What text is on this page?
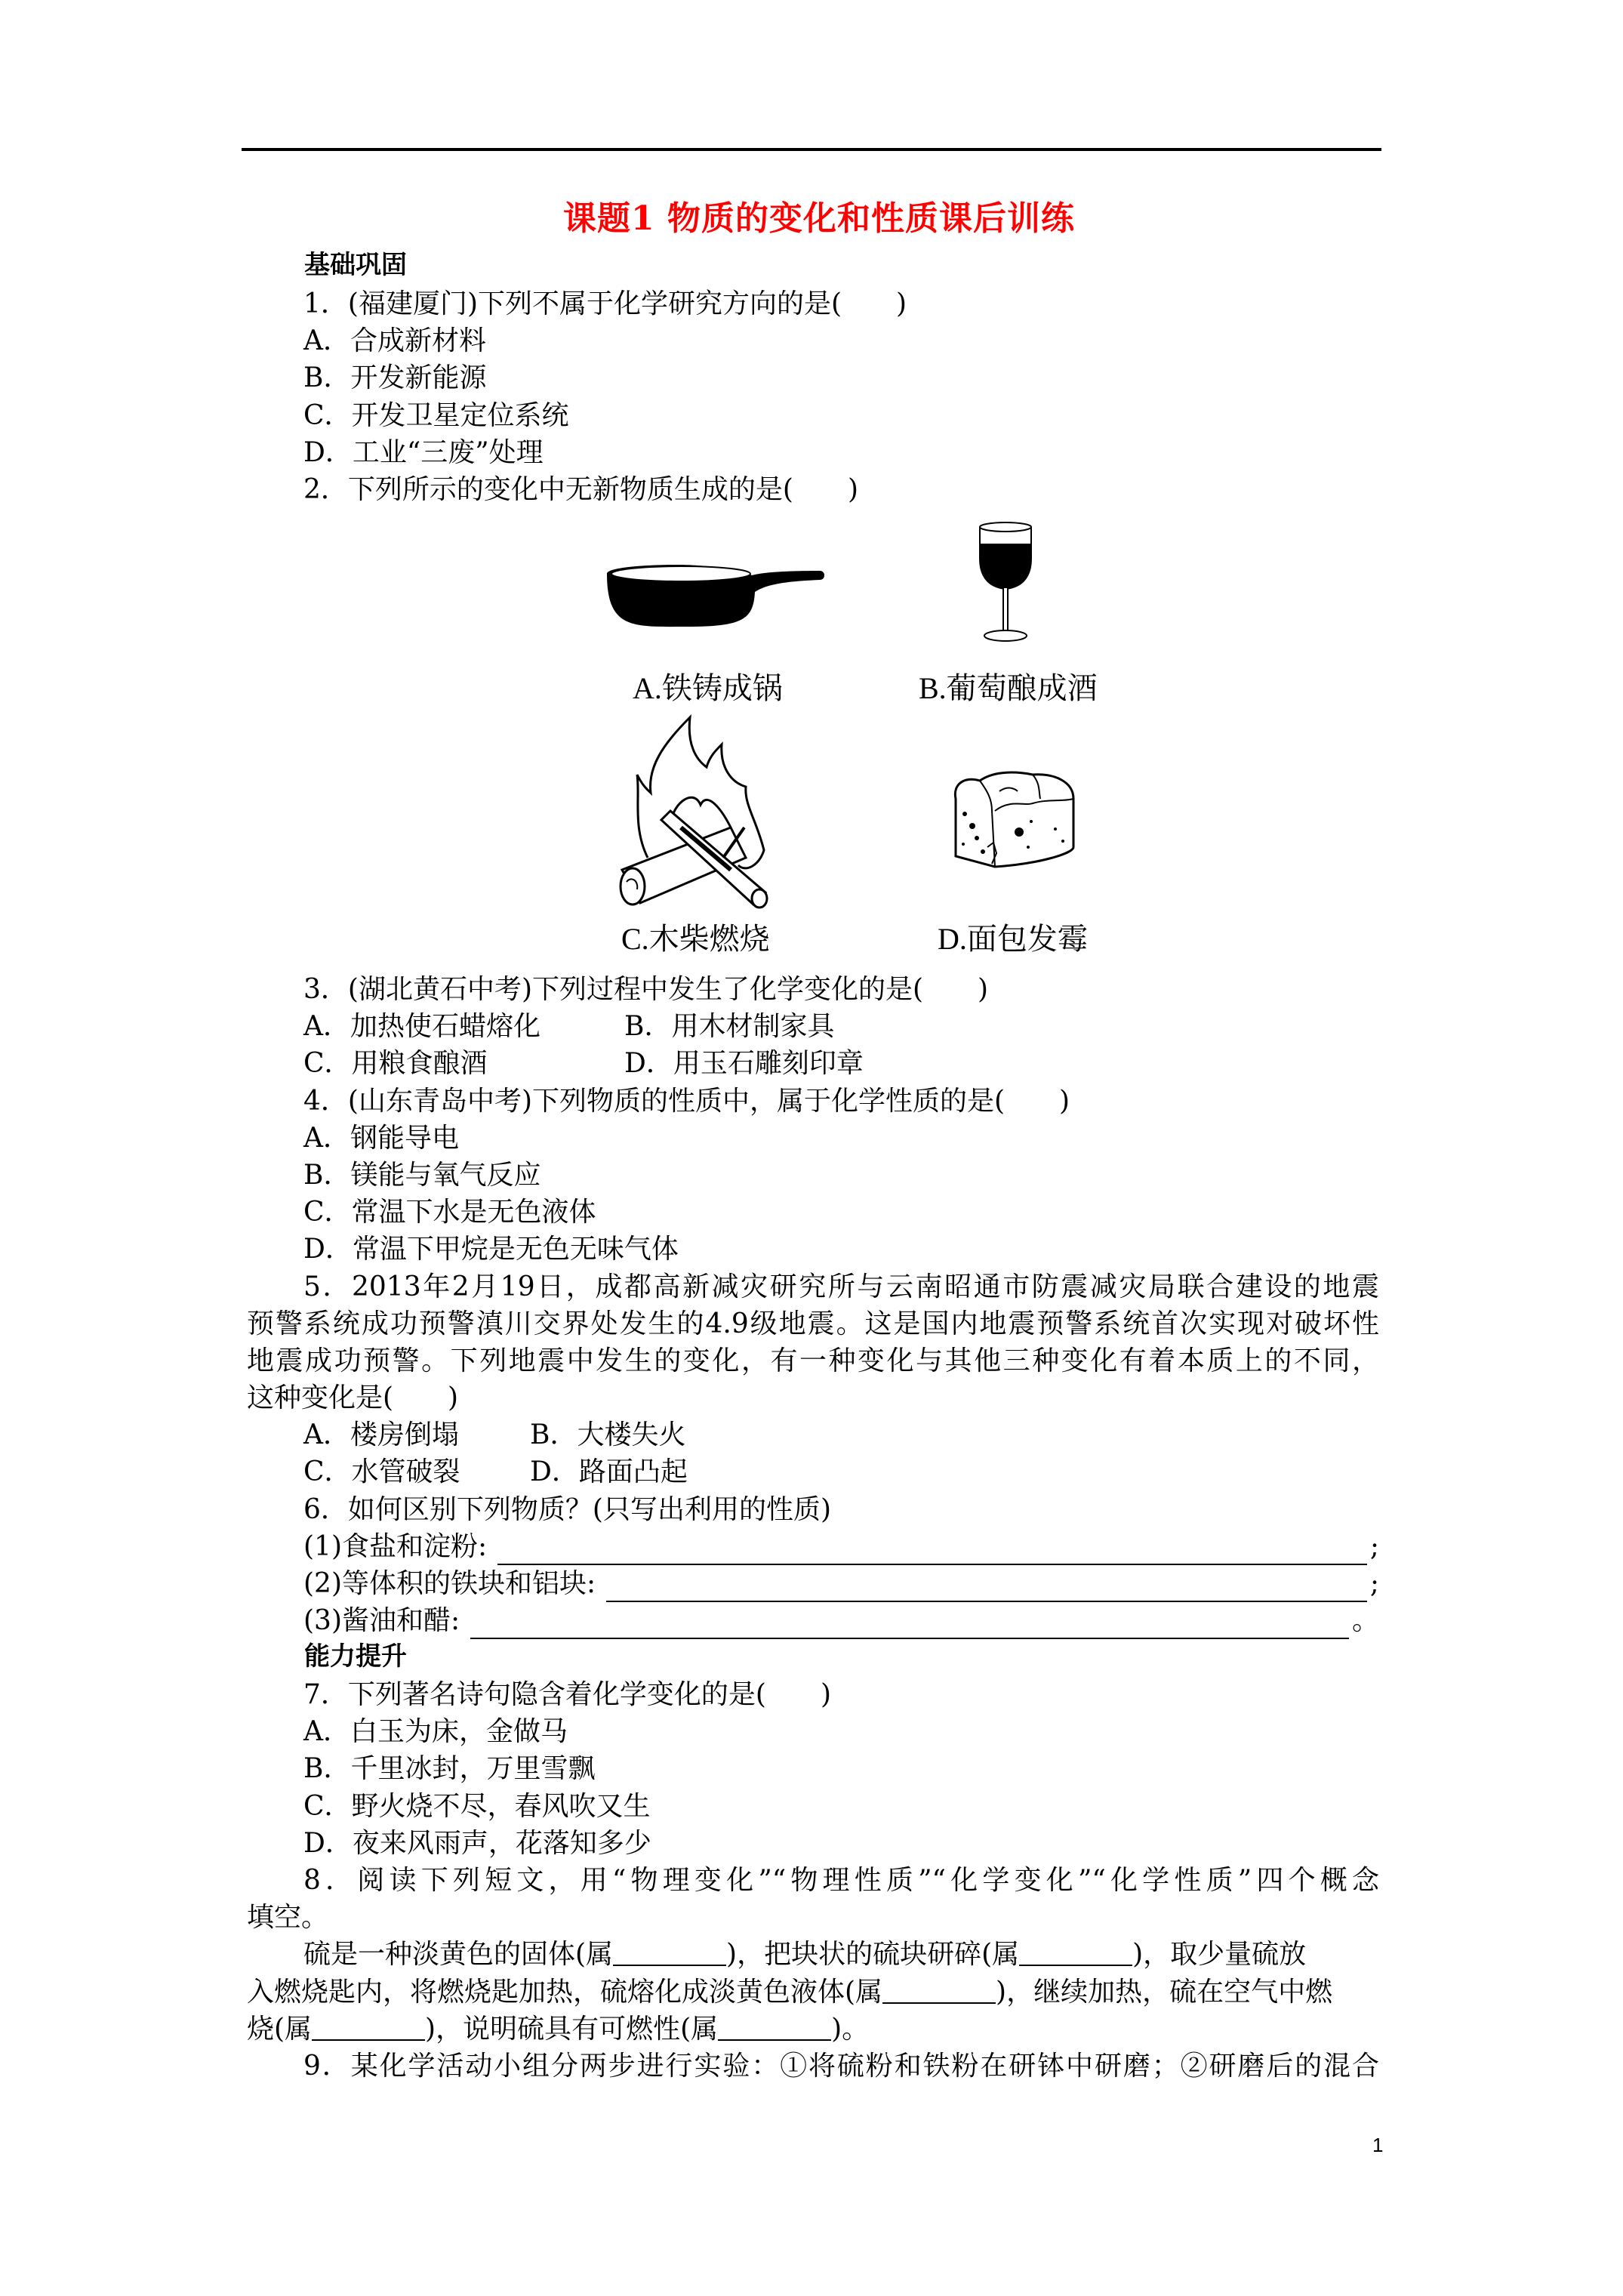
课题1 物质的变化和性质课后训练
基础巩固
1．(福建厦门)下列不属于化学研究方向的是(　　)
A．合成新材料
B．开发新能源
C．开发卫星定位系统
D．工业“三废”处理
2．下列所示的变化中无新物质生成的是(　　)
A.铁铸成锅	B.葡萄酿成酒
C.木柴燃烧	D.面包发霉
3．(湖北黄石中考)下列过程中发生了化学变化的是(　　)
A．加热使石蜡熔化	B．用木材制家具
C．用粮食酿酒	D．用玉石雕刻印章
4．(山东青岛中考)下列物质的性质中，属于化学性质的是(　　)
A．钢能导电
B．镁能与氧气反应
C．常温下水是无色液体
D．常温下甲烷是无色无味气体
5．2013年2月19日，成都高新减灾研究所与云南昭通市防震减灾局联合建设的地震
预警系统成功预警滇川交界处发生的4.9级地震。这是国内地震预警系统首次实现对破坏性
地震成功预警。下列地震中发生的变化，有一种变化与其他三种变化有着本质上的不同，
这种变化是(　　)
A．楼房倒塌	B．大楼失火
C．水管破裂	D．路面凸起
6．如何区别下列物质？(只写出利用的性质)
(1)食盐和淀粉:	;
(2)等体积的铁块和铝块:	;
(3)酱油和醋:	。
能力提升
7．下列著名诗句隐含着化学变化的是(　　)
A．白玉为床，金做马
B．千里冰封，万里雪飘
C．野火烧不尽，春风吹又生
D．夜来风雨声，花落知多少
8．阅读下列短文，用“物理变化”“物理性质”“化学变化”“化学性质”四个概念
填空。
硫是一种淡黄色的固体(属	)，把块状的硫块研碎(属	)，取少量硫放
入燃烧匙内，将燃烧匙加热，硫熔化成淡黄色液体(属	)，继续加热，硫在空气中燃
烧(属	)，说明硫具有可燃性(属	)。
9．某化学活动小组分两步进行实验：①将硫粉和铁粉在研钵中研磨；②研磨后的混合
1
